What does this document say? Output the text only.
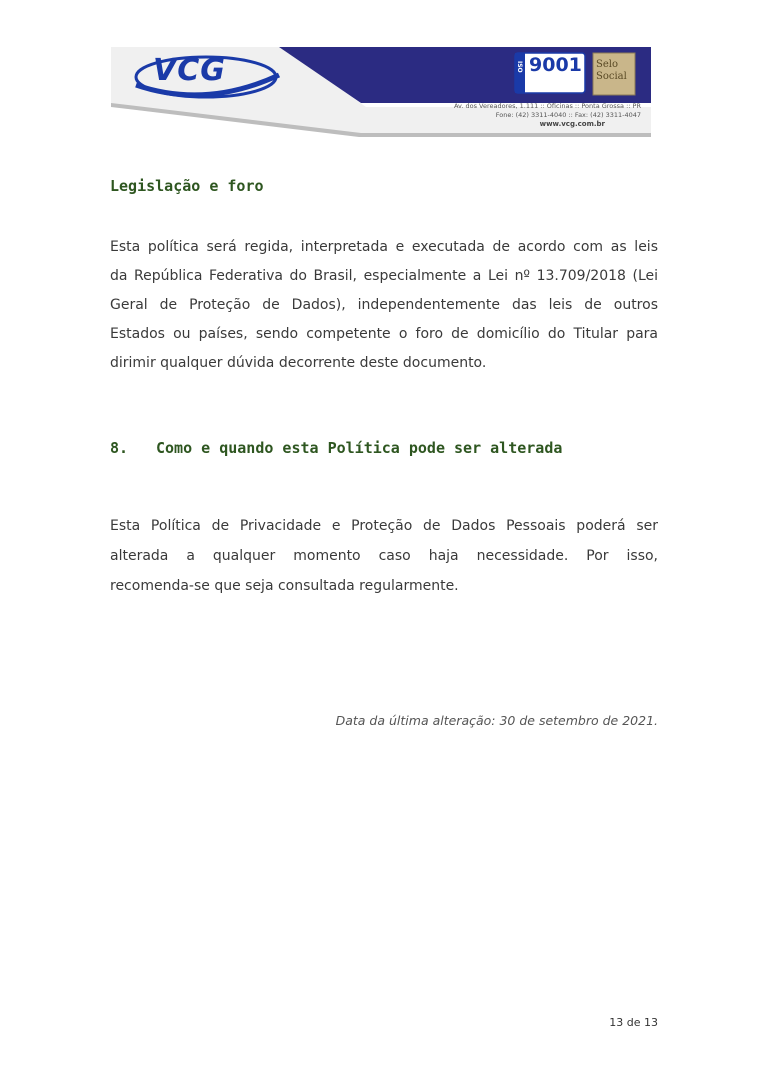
VCG	ISO 9001 Selo Social
Av. dos Vereadores, 1.111 :: Oficinas :: Ponta Grossa :: PR
Fone: (42) 3311-4040 :: Fax: (42) 3311-4047
www.vcg.com.br
Legislação e foro
Esta política será regida, interpretada e executada de acordo com as leis
da República Federativa do Brasil, especialmente a Lei nº 13.709/2018 (Lei
Geral de Proteção de Dados), independentemente das leis de outros
Estados ou países, sendo competente o foro de domicílio do Titular para
dirimir qualquer dúvida decorrente deste documento.
8. Como e quando esta Política pode ser alterada
Esta Política de Privacidade e Proteção de Dados Pessoais poderá ser
alterada a qualquer momento caso haja necessidade. Por isso,
recomenda-se que seja consultada regularmente.
Data da última alteração: 30 de setembro de 2021.
13 de 13
